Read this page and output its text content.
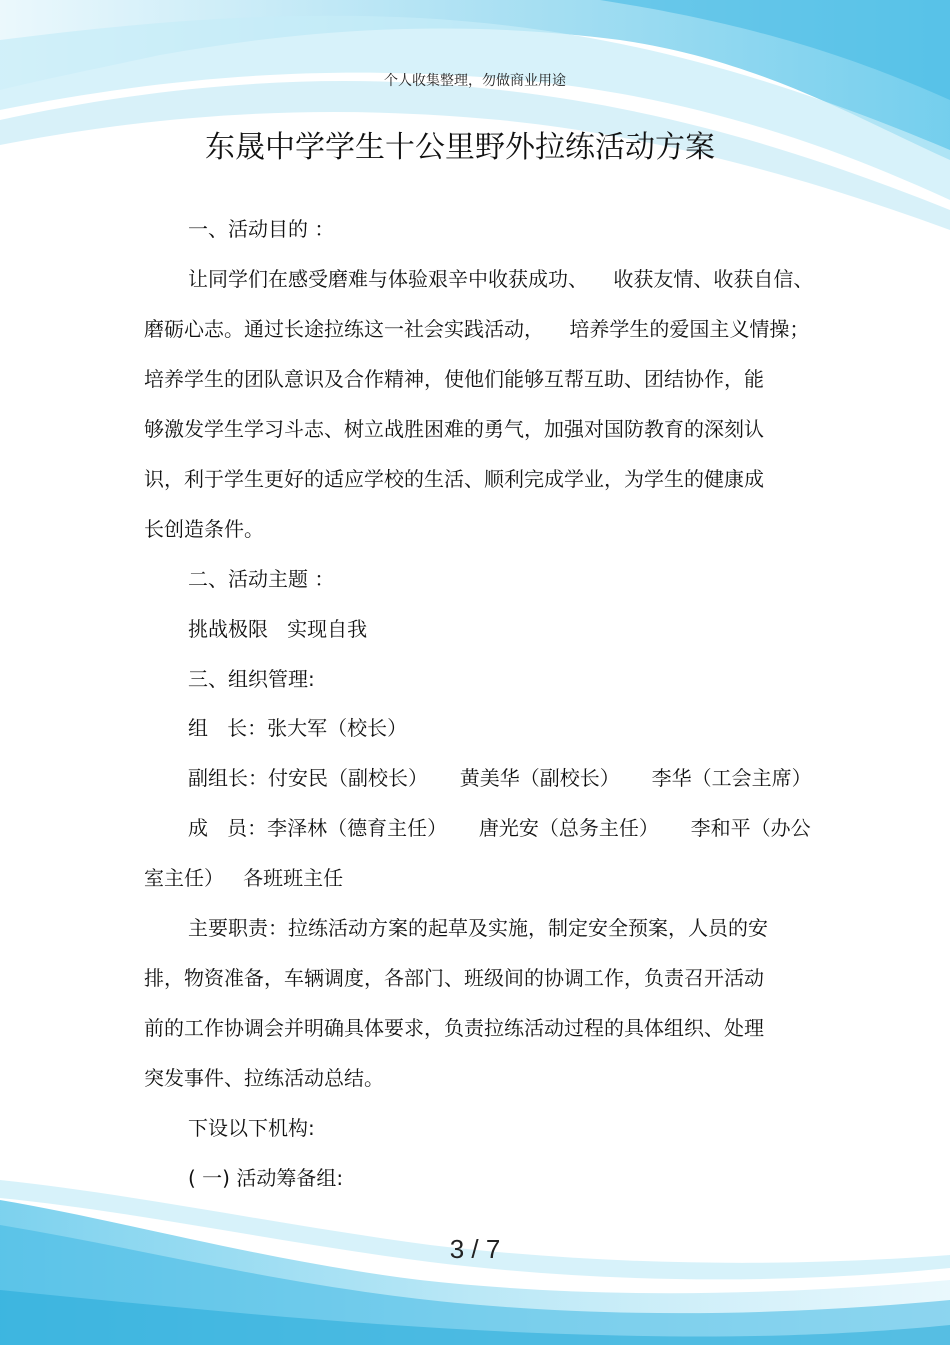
个人收集整理，勿做商业用途
东晟中学学生十公里野外拉练活动方案
一、活动目的 ：
让同学们在感受磨难与体验艰辛中收获成功、    收获友情、收获自信、
磨砺心志。通过长途拉练这一社会实践活动，    培养学生的爱国主义情操；
培养学生的团队意识及合作精神，使他们能够互帮互助、团结协作，能
够激发学生学习斗志、树立战胜困难的勇气，加强对国防教育的深刻认
识，利于学生更好的适应学校的生活、顺利完成学业，为学生的健康成
长创造条件。
二、活动主题 ：
挑战极限   实现自我
三、组织管理:
组   长：张大军（校长）
副组长：付安民（副校长）     黄美华（副校长）     李华（工会主席）
成   员：李泽林（德育主任）     唐光安（总务主任）     李和平（办公
室主任）   各班班主任
主要职责：拉练活动方案的起草及实施，制定安全预案，人员的安
排，物资准备，车辆调度，各部门、班级间的协调工作，负责召开活动
前的工作协调会并明确具体要求，负责拉练活动过程的具体组织、处理
突发事件、拉练活动总结。
下设以下机构:
( 一) 活动筹备组:
3 / 7
